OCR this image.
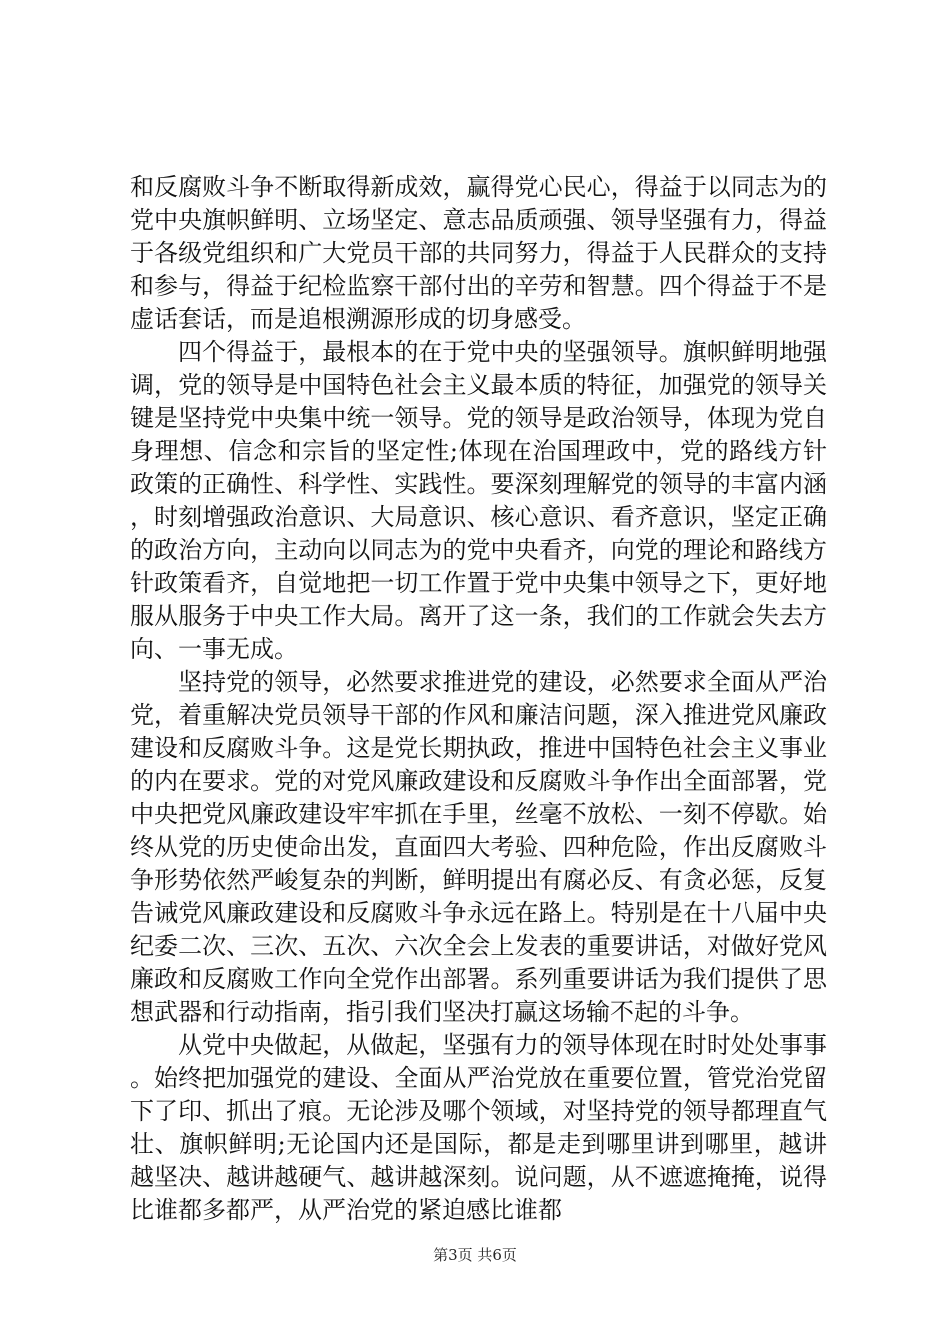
和反腐败斗争不断取得新成效，赢得党心民心，得益于以同志为的党中央旗帜鲜明、立场坚定、意志品质顽强、领导坚强有力，得益于各级党组织和广大党员干部的共同努力，得益于人民群众的支持和参与，得益于纪检监察干部付出的辛劳和智慧。四个得益于不是虚话套话，而是追根溯源形成的切身感受。

四个得益于，最根本的在于党中央的坚强领导。旗帜鲜明地强调，党的领导是中国特色社会主义最本质的特征，加强党的领导关键是坚持党中央集中统一领导。党的领导是政治领导，体现为党自身理想、信念和宗旨的坚定性;体现在治国理政中，党的路线方针政策的正确性、科学性、实践性。要深刻理解党的领导的丰富内涵，时刻增强政治意识、大局意识、核心意识、看齐意识，坚定正确的政治方向，主动向以同志为的党中央看齐，向党的理论和路线方针政策看齐，自觉地把一切工作置于党中央集中领导之下，更好地服从服务于中央工作大局。离开了这一条，我们的工作就会失去方向、一事无成。

坚持党的领导，必然要求推进党的建设，必然要求全面从严治党，着重解决党员领导干部的作风和廉洁问题，深入推进党风廉政建设和反腐败斗争。这是党长期执政，推进中国特色社会主义事业的内在要求。党的对党风廉政建设和反腐败斗争作出全面部署，党中央把党风廉政建设牢牢抓在手里，丝毫不放松、一刻不停歇。始终从党的历史使命出发，直面四大考验、四种危险，作出反腐败斗争形势依然严峻复杂的判断，鲜明提出有腐必反、有贪必惩，反复告诫党风廉政建设和反腐败斗争永远在路上。特别是在十八届中央纪委二次、三次、五次、六次全会上发表的重要讲话，对做好党风廉政和反腐败工作向全党作出部署。系列重要讲话为我们提供了思想武器和行动指南，指引我们坚决打赢这场输不起的斗争。

从党中央做起，从做起，坚强有力的领导体现在时时处处事事。始终把加强党的建设、全面从严治党放在重要位置，管党治党留下了印、抓出了痕。无论涉及哪个领域，对坚持党的领导都理直气壮、旗帜鲜明;无论国内还是国际，都是走到哪里讲到哪里，越讲越坚决、越讲越硬气、越讲越深刻。说问题，从不遮遮掩掩，说得比谁都多都严，从严治党的紧迫感比谁都

第3页 共6页
